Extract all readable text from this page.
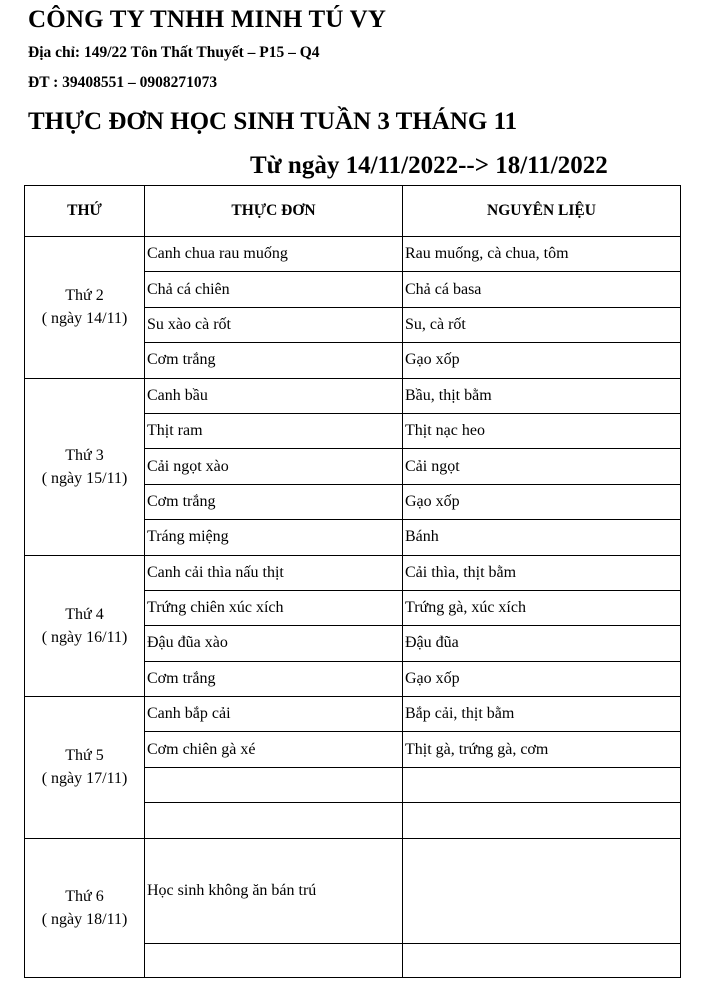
CÔNG TY TNHH MINH TÚ VY
Địa chỉ: 149/22 Tôn Thất Thuyết – P15 – Q4
ĐT : 39408551 – 0908271073
THỰC ĐƠN HỌC SINH TUẦN 3 THÁNG 11
Từ ngày 14/11/2022--> 18/11/2022
THỨ	THỰC ĐƠN	NGUYÊN LIỆU

Thứ 2
( ngày 14/11)	Canh chua rau muống	Rau muống, cà chua, tôm
	Chả cá chiên	Chả cá basa
	Su xào cà rốt	Su, cà rốt
	Cơm trắng	Gạo xốp

Thứ 3
( ngày 15/11)	Canh bầu	Bầu, thịt bằm
	Thịt ram	Thịt nạc heo
	Cải ngọt xào	Cải ngọt
	Cơm trắng	Gạo xốp
	Tráng miệng	Bánh

Thứ 4
( ngày 16/11)	Canh cải thìa nấu thịt	Cải thìa, thịt bằm
	Trứng chiên xúc xích	Trứng gà, xúc xích
	Đậu đũa xào	Đậu đũa
	Cơm trắng	Gạo xốp

Thứ 5
( ngày 17/11)	Canh bắp cải	Bắp cải, thịt bằm
	Cơm chiên gà xé	Thịt gà, trứng gà, cơm

Thứ 6
( ngày 18/11)	Học sinh không ăn bán trú	
